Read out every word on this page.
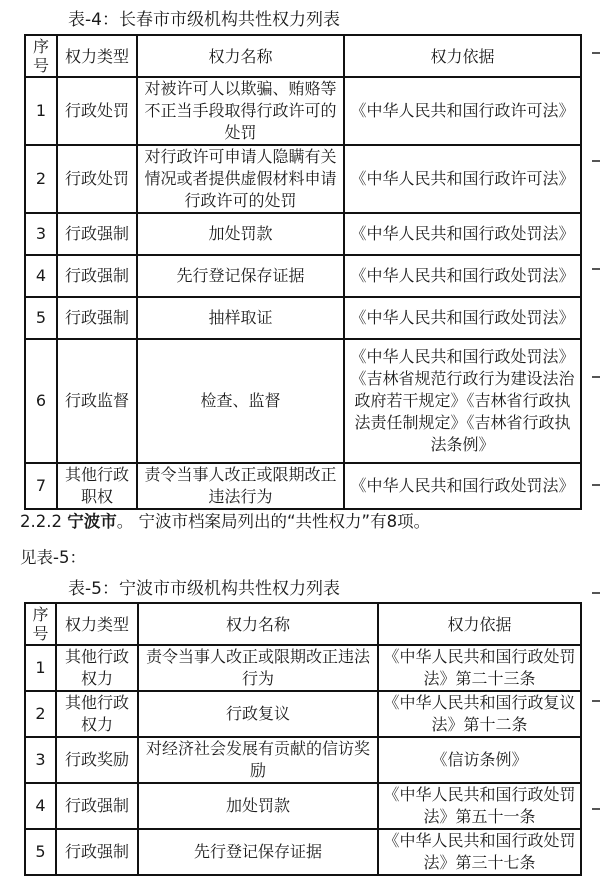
表-4：长春市市级机构共性权力列表
序号	权力类型	权力名称	权力依据
1	行政处罚	对被许可人以欺骗、贿赂等不正当手段取得行政许可的处罚	《中华人民共和国行政许可法》
2	行政处罚	对行政许可申请人隐瞒有关情况或者提供虚假材料申请行政许可的处罚	《中华人民共和国行政许可法》
3	行政强制	加处罚款	《中华人民共和国行政处罚法》
4	行政强制	先行登记保存证据	《中华人民共和国行政处罚法》
5	行政强制	抽样取证	《中华人民共和国行政处罚法》
6	行政监督	检查、监督	《中华人民共和国行政处罚法》《吉林省规范行政行为建设法治政府若干规定》《吉林省行政执法责任制规定》《吉林省行政执法条例》
7	其他行政职权	责令当事人改正或限期改正违法行为	《中华人民共和国行政处罚法》
2.2.2 宁波市。 宁波市档案局列出的“共性权力”有8项。
见表-5：
表-5：宁波市市级机构共性权力列表
序号	权力类型	权力名称	权力依据
1	其他行政权力	责令当事人改正或限期改正违法行为	《中华人民共和国行政处罚法》第二十三条
2	其他行政权力	行政复议	《中华人民共和国行政复议法》第十二条
3	行政奖励	对经济社会发展有贡献的信访奖励	《信访条例》
4	行政强制	加处罚款	《中华人民共和国行政处罚法》第五十一条
5	行政强制	先行登记保存证据	《中华人民共和国行政处罚法》第三十七条
